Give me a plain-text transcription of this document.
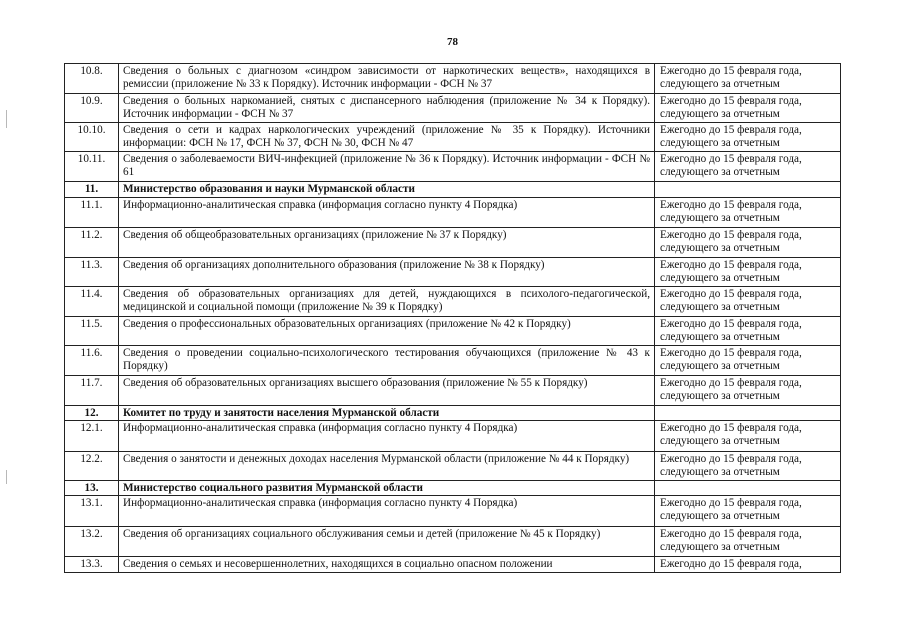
78
10.8.	Сведения о больных с диагнозом «синдром зависимости от наркотических веществ», находящихся в ремиссии (приложение № 33 к Порядку). Источник информации - ФСН № 37	Ежегодно до 15 февраля года, следующего за отчетным
10.9.	Сведения о больных наркоманией, снятых с диспансерного наблюдения (приложение № 34 к Порядку). Источник информации - ФСН № 37	Ежегодно до 15 февраля года, следующего за отчетным
10.10.	Сведения о сети и кадрах наркологических учреждений (приложение № 35 к Порядку). Источники информации: ФСН № 17, ФСН № 37, ФСН № 30, ФСН № 47	Ежегодно до 15 февраля года, следующего за отчетным
10.11.	Сведения о заболеваемости ВИЧ-инфекцией (приложение № 36 к Порядку). Источник информации - ФСН № 61	Ежегодно до 15 февраля года, следующего за отчетным
11.	Министерство образования и науки Мурманской области	
11.1.	Информационно-аналитическая справка (информация согласно пункту 4 Порядка)	Ежегодно до 15 февраля года, следующего за отчетным
11.2.	Сведения об общеобразовательных организациях (приложение № 37 к Порядку)	Ежегодно до 15 февраля года, следующего за отчетным
11.3.	Сведения об организациях дополнительного образования (приложение № 38 к Порядку)	Ежегодно до 15 февраля года, следующего за отчетным
11.4.	Сведения об образовательных организациях для детей, нуждающихся в психолого-педагогической, медицинской и социальной помощи (приложение № 39 к Порядку)	Ежегодно до 15 февраля года, следующего за отчетным
11.5.	Сведения о профессиональных образовательных организациях (приложение № 42 к Порядку)	Ежегодно до 15 февраля года, следующего за отчетным
11.6.	Сведения о проведении социально-психологического тестирования обучающихся (приложение № 43 к Порядку)	Ежегодно до 15 февраля года, следующего за отчетным
11.7.	Сведения об образовательных организациях высшего образования (приложение № 55 к Порядку)	Ежегодно до 15 февраля года, следующего за отчетным
12.	Комитет по труду и занятости населения Мурманской области	
12.1.	Информационно-аналитическая справка (информация согласно пункту 4 Порядка)	Ежегодно до 15 февраля года, следующего за отчетным
12.2.	Сведения о занятости и денежных доходах населения Мурманской области (приложение № 44 к Порядку)	Ежегодно до 15 февраля года, следующего за отчетным
13.	Министерство социального развития Мурманской области	
13.1.	Информационно-аналитическая справка (информация согласно пункту 4 Порядка)	Ежегодно до 15 февраля года, следующего за отчетным
13.2.	Сведения об организациях социального обслуживания семьи и детей (приложение № 45 к Порядку)	Ежегодно до 15 февраля года, следующего за отчетным
13.3.	Сведения о семьях и несовершеннолетних, находящихся в социально опасном положении	Ежегодно до 15 февраля года,
